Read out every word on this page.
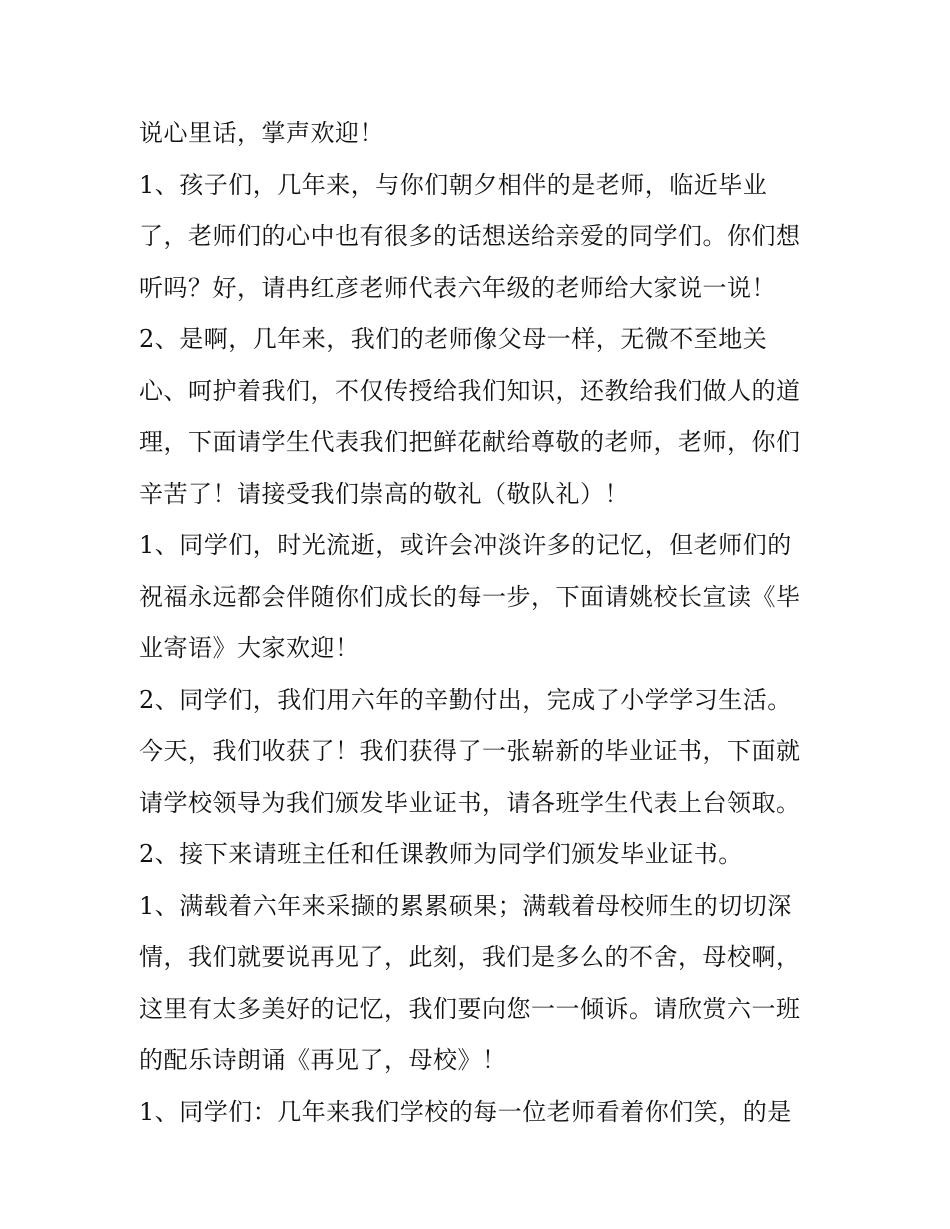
说心里话，掌声欢迎！
1、孩子们，几年来，与你们朝夕相伴的是老师，临近毕业
了，老师们的心中也有很多的话想送给亲爱的同学们。你们想
听吗？好，请冉红彦老师代表六年级的老师给大家说一说！
2、是啊，几年来，我们的老师像父母一样，无微不至地关
心、呵护着我们，不仅传授给我们知识，还教给我们做人的道
理，下面请学生代表我们把鲜花献给尊敬的老师，老师，你们
辛苦了！请接受我们崇高的敬礼（敬队礼）！
1、同学们，时光流逝，或许会冲淡许多的记忆，但老师们的
祝福永远都会伴随你们成长的每一步，下面请姚校长宣读《毕
业寄语》大家欢迎！
2、同学们，我们用六年的辛勤付出，完成了小学学习生活。
今天，我们收获了！我们获得了一张崭新的毕业证书，下面就
请学校领导为我们颁发毕业证书，请各班学生代表上台领取。
2、接下来请班主任和任课教师为同学们颁发毕业证书。
1、满载着六年来采撷的累累硕果；满载着母校师生的切切深
情，我们就要说再见了，此刻，我们是多么的不舍，母校啊，
这里有太多美好的记忆，我们要向您一一倾诉。请欣赏六一班
的配乐诗朗诵《再见了，母校》！
1、同学们：几年来我们学校的每一位老师看着你们笑，的是
